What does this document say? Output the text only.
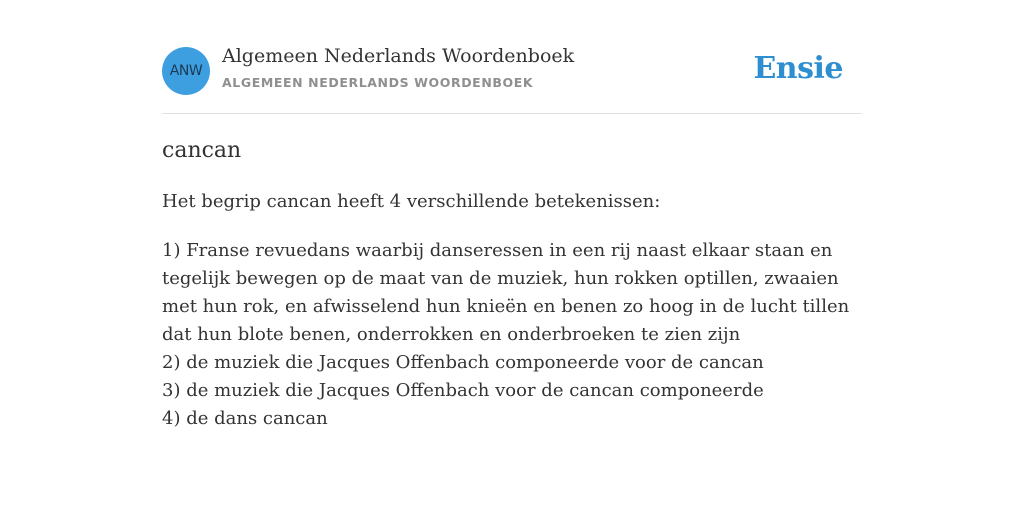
ANW
Algemeen Nederlands Woordenboek
ALGEMEEN NEDERLANDS WOORDENBOEK	Ensie
cancan
Het begrip cancan heeft 4 verschillende betekenissen:
1) Franse revuedans waarbij danseressen in een rij naast elkaar staan en tegelijk bewegen op de maat van de muziek, hun rokken optillen, zwaaien met hun rok, en afwisselend hun knieën en benen zo hoog in de lucht tillen dat hun blote benen, onderrokken en onderbroeken te zien zijn
2) de muziek die Jacques Offenbach componeerde voor de cancan
3) de muziek die Jacques Offenbach voor de cancan componeerde
4) de dans cancan
